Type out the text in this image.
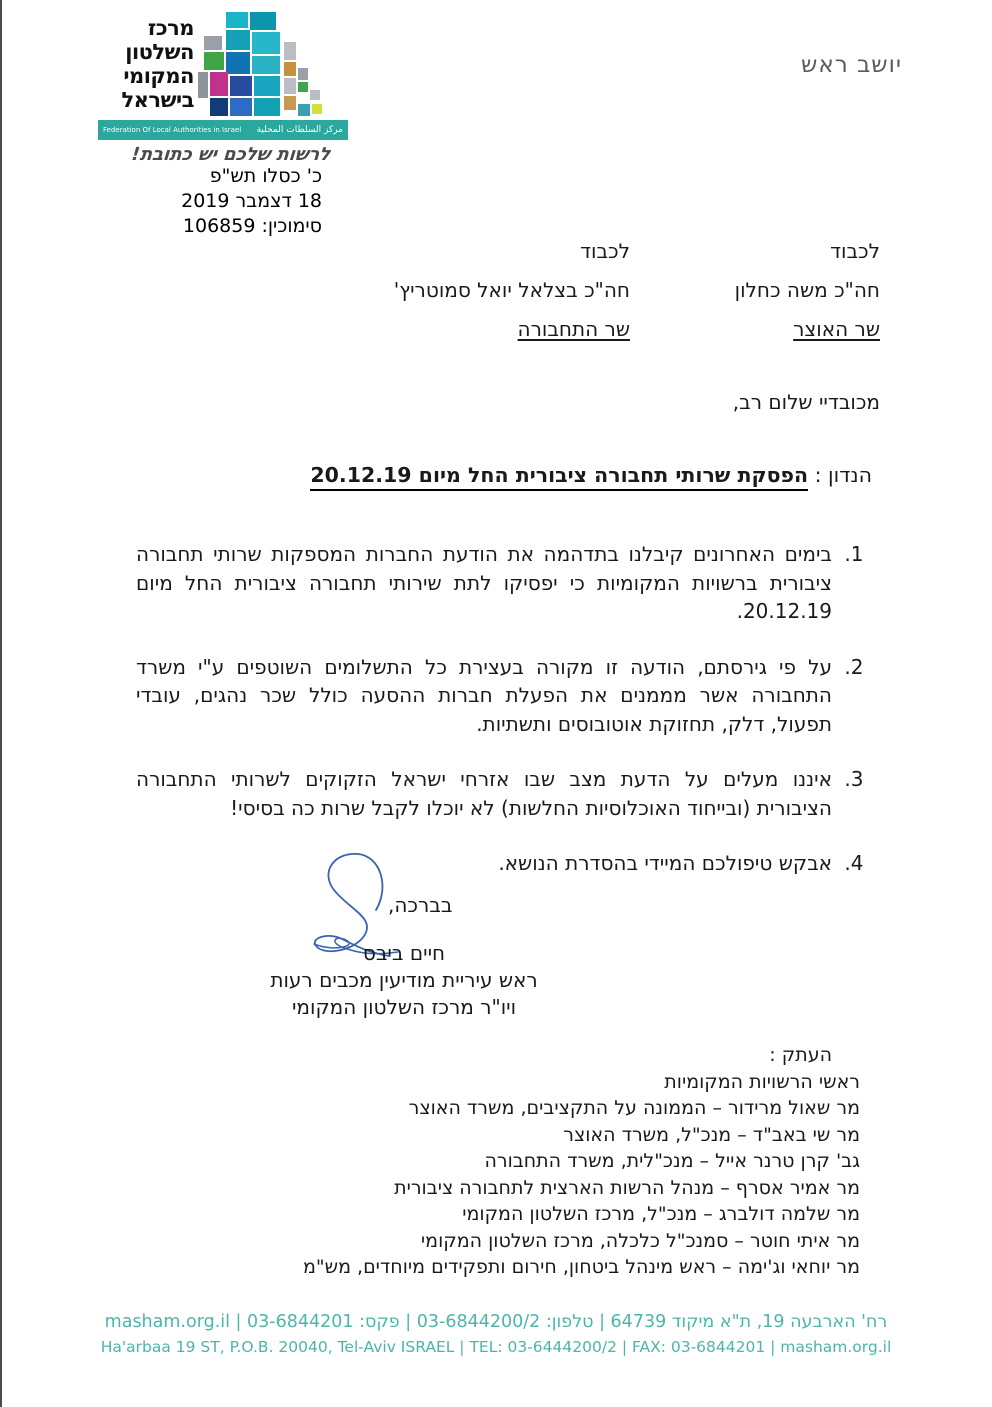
מרכז
השלטון
המקומי
בישראל
مركز السلطات المحلية
Federation Of Local Authorities in Israel
לרשות שלכם יש כתובת!
יושב ראש
כ' כסלו תש"פ
18 דצמבר 2019
סימוכין: 106859
לכבוד
חה"כ משה כחלון
שר האוצר
לכבוד
חה"כ בצלאל יואל סמוטריץ'
שר התחבורה
מכובדיי שלום רב,
הנדון : הפסקת שרותי תחבורה ציבורית החל מיום 20.12.19
1. בימים האחרונים קיבלנו בתדהמה את הודעת החברות המספקות שרותי תחבורה ציבורית ברשויות המקומיות כי יפסיקו לתת שירותי תחבורה ציבורית החל מיום 20.12.19.
2. על פי גירסתם, הודעה זו מקורה בעצירת כל התשלומים השוטפים ע"י משרד התחבורה אשר מממנים את הפעלת חברות ההסעה כולל שכר נהגים, עובדי תפעול, דלק, תחזוקת אוטובוסים ותשתיות.
3. איננו מעלים על הדעת מצב שבו אזרחי ישראל הזקוקים לשרותי התחבורה הציבורית (ובייחוד האוכלוסיות החלשות) לא יוכלו לקבל שרות כה בסיסי!
4. אבקש טיפולכם המיידי בהסדרת הנושא.
בברכה,
חיים ביבס
ראש עיריית מודיעין מכבים רעות
ויו"ר מרכז השלטון המקומי
העתק :
ראשי הרשויות המקומיות
מר שאול מרידור – הממונה על התקציבים, משרד האוצר
מר שי באב"ד – מנכ"ל, משרד האוצר
גב' קרן טרנר אייל – מנכ"לית, משרד התחבורה
מר אמיר אסרף – מנהל הרשות הארצית לתחבורה ציבורית
מר שלמה דולברג – מנכ"ל, מרכז השלטון המקומי
מר איתי חוטר – סמנכ"ל כלכלה, מרכז השלטון המקומי
מר יוחאי וג'ימה – ראש מינהל ביטחון, חירום ותפקידים מיוחדים, מש"מ
רח' הארבעה 19, ת"א מיקוד 64739 | טלפון: 03-6844200/2 | פקס: 03-6844201 | masham.org.il
Ha'arbaa 19 ST, P.O.B. 20040, Tel-Aviv ISRAEL | TEL: 03-6444200/2 | FAX: 03-6844201 | masham.org.il
